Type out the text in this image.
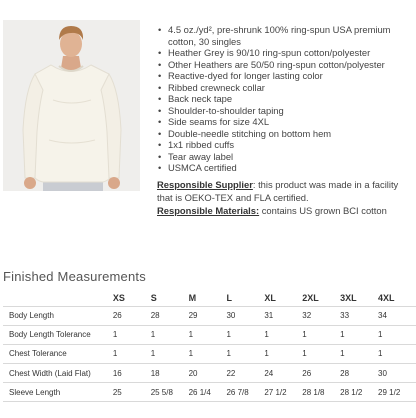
• 4.5 oz./yd², pre-shrunk 100% ring-spun USA premium cotton, 30 singles
• Heather Grey is 90/10 ring-spun cotton/polyester
• Other Heathers are 50/50 ring-spun cotton/polyester
• Reactive-dyed for longer lasting color
• Ribbed crewneck collar
• Back neck tape
• Shoulder-to-shoulder taping
• Side seams for size 4XL
• Double-needle stitching on bottom hem
• 1x1 ribbed cuffs
• Tear away label
• USMCA certified

Responsible Supplier: this product was made in a facility that is OEKO-TEX and FLA certified.

Responsible Materials: contains US grown BCI cotton

Finished Measurements
	XS	S	M	L	XL	2XL	3XL	4XL
Body Length	26	28	29	30	31	32	33	34
Body Length Tolerance	1	1	1	1	1	1	1	1
Chest Tolerance	1	1	1	1	1	1	1	1
Chest Width (Laid Flat)	16	18	20	22	24	26	28	30
Sleeve Length	25	25 5/8	26 1/4	26 7/8	27 1/2	28 1/8	28 1/2	29 1/2
